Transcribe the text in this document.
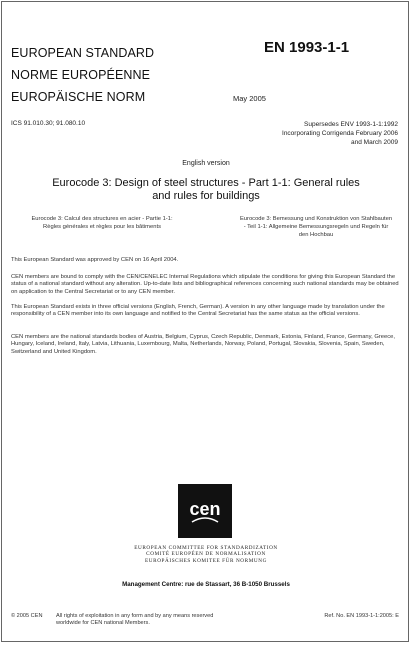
EUROPEAN STANDARD
NORME EUROPÉENNE
EUROPÄISCHE NORM
EN 1993-1-1
May 2005
ICS 91.010.30; 91.080.10	Supersedes ENV 1993-1-1:1992
Incorporating Corrigenda February 2006
and March 2009
English version
Eurocode 3: Design of steel structures - Part 1-1: General rules
and rules for buildings
Eurocode 3: Calcul des structures en acier - Partie 1-1:
Règles générales et règles pour les bâtiments
Eurocode 3: Bemessung und Konstruktion von Stahlbauten
- Teil 1-1: Allgemeine Bemessungsregeln und Regeln für
den Hochbau
This European Standard was approved by CEN on 16 April 2004.
CEN members are bound to comply with the CEN/CENELEC Internal Regulations which stipulate the conditions for giving this European Standard the status of a national standard without any alteration. Up-to-date lists and bibliographical references concerning such national standards may be obtained on application to the Central Secretariat or to any CEN member.
This European Standard exists in three official versions (English, French, German). A version in any other language made by translation under the responsibility of a CEN member into its own language and notified to the Central Secretariat has the same status as the official versions.
CEN members are the national standards bodies of Austria, Belgium, Cyprus, Czech Republic, Denmark, Estonia, Finland, France, Germany, Greece, Hungary, Iceland, Ireland, Italy, Latvia, Lithuania, Luxembourg, Malta, Netherlands, Norway, Poland, Portugal, Slovakia, Slovenia, Spain, Sweden, Switzerland and United Kingdom.
cen
EUROPEAN COMMITTEE FOR STANDARDIZATION
COMITÉ EUROPÉEN DE NORMALISATION
EUROPÄISCHES KOMITEE FÜR NORMUNG
Management Centre: rue de Stassart, 36 B-1050 Brussels
© 2005 CEN All rights of exploitation in any form and by any means reserved
worldwide for CEN national Members.
Ref. No. EN 1993-1-1:2005: E
